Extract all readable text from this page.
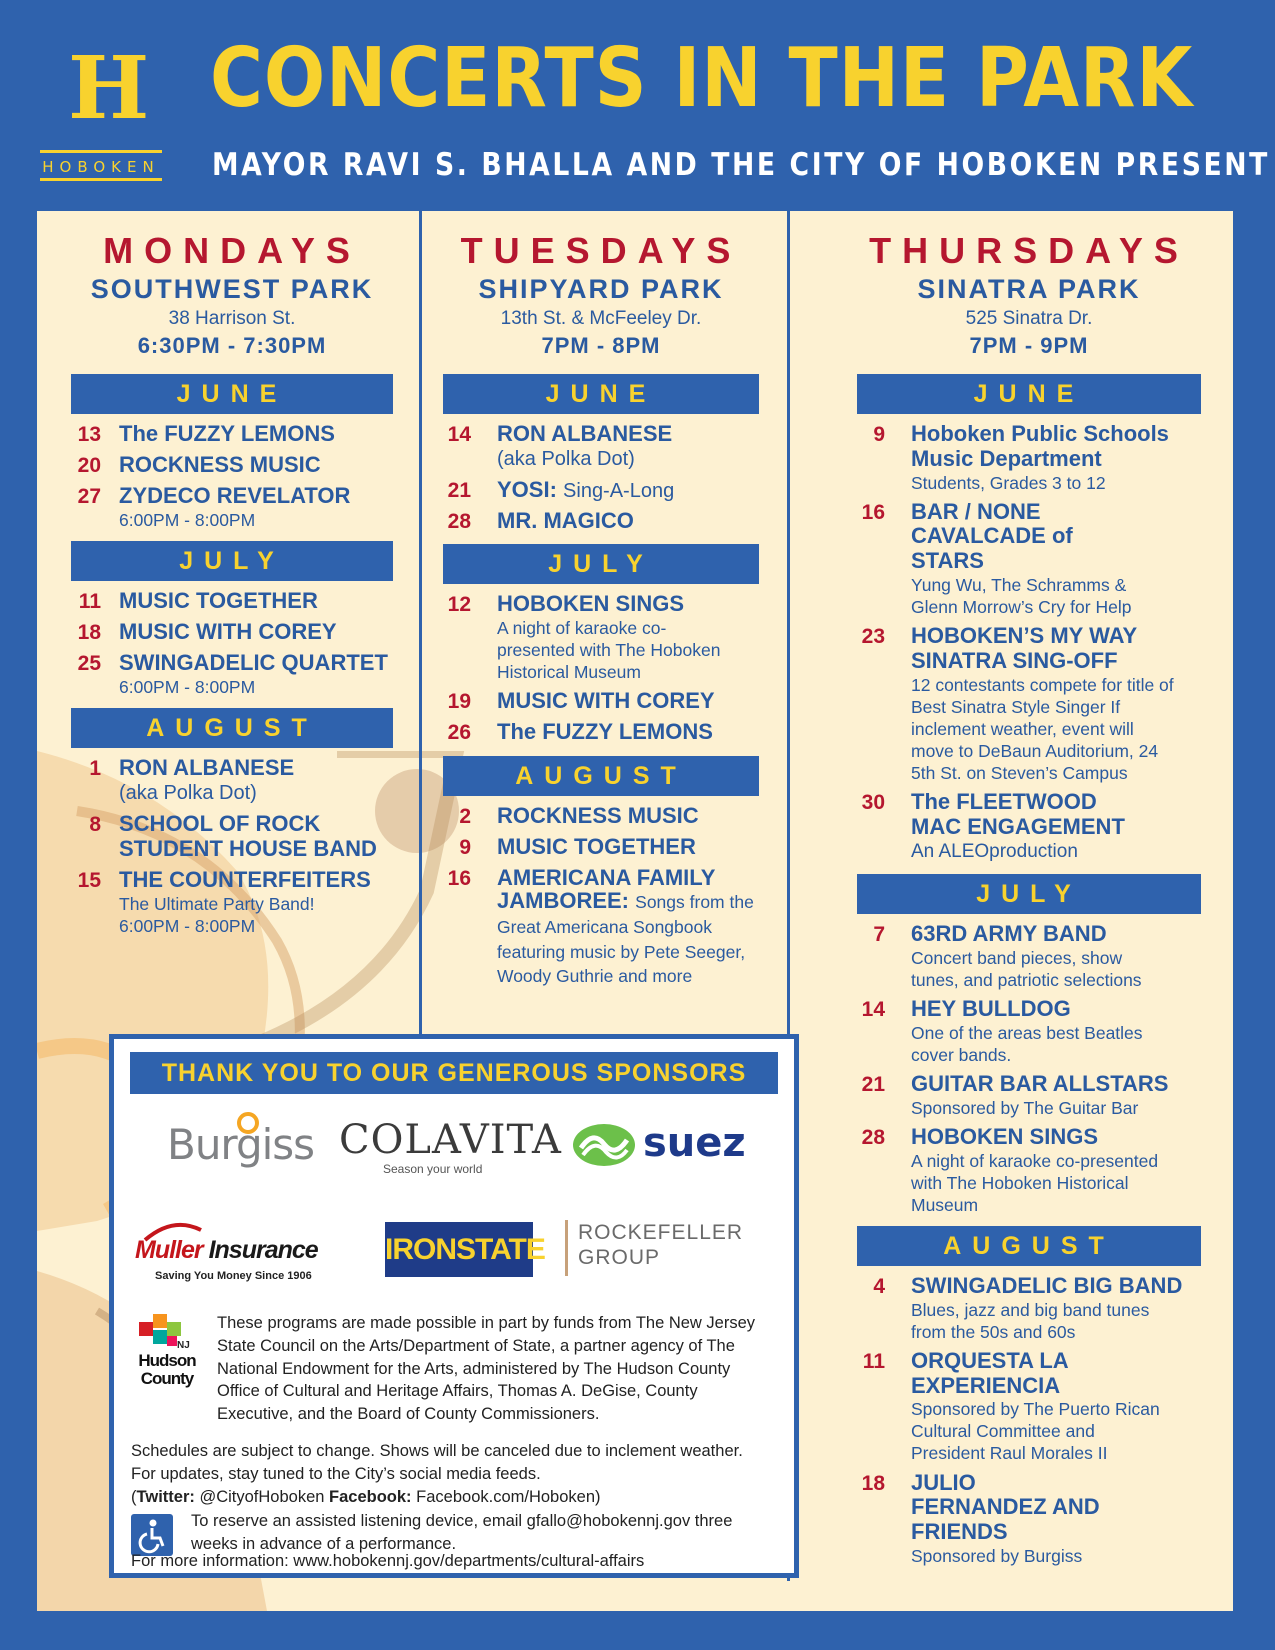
H
HOBOKEN
CONCERTS IN THE PARK
MAYOR RAVI S. BHALLA AND THE CITY OF HOBOKEN PRESENT
MONDAYS
SOUTHWEST PARK
38 Harrison St.
6:30PM - 7:30PM
JUNE
13 The FUZZY LEMONS
20 ROCKNESS MUSIC
27 ZYDECO REVELATOR
6:00PM - 8:00PM
JULY
11 MUSIC TOGETHER
18 MUSIC WITH COREY
25 SWINGADELIC QUARTET
6:00PM - 8:00PM
AUGUST
1 RON ALBANESE
(aka Polka Dot)
8 SCHOOL OF ROCK STUDENT HOUSE BAND
15 THE COUNTERFEITERS
The Ultimate Party Band! 6:00PM - 8:00PM
TUESDAYS
SHIPYARD PARK
13th St. & McFeeley Dr.
7PM - 8PM
JUNE
14 RON ALBANESE
(aka Polka Dot)
21 YOSI: Sing-A-Long
28 MR. MAGICO
JULY
12 HOBOKEN SINGS
A night of karaoke co-presented with The Hoboken Historical Museum
19 MUSIC WITH COREY
26 The FUZZY LEMONS
AUGUST
2 ROCKNESS MUSIC
9 MUSIC TOGETHER
16 AMERICANA FAMILY JAMBOREE: Songs from the Great Americana Songbook featuring music by Pete Seeger, Woody Guthrie and more
THURSDAYS
SINATRA PARK
525 Sinatra Dr.
7PM - 9PM
JUNE
9 Hoboken Public Schools Music Department
Students, Grades 3 to 12
16 BAR / NONE CAVALCADE of STARS
Yung Wu, The Schramms & Glenn Morrow’s Cry for Help
23 HOBOKEN’S MY WAY SINATRA SING-OFF
12 contestants compete for title of Best Sinatra Style Singer If inclement weather, event will move to DeBaun Auditorium, 24 5th St. on Steven’s Campus
30 The FLEETWOOD MAC ENGAGEMENT
An ALEOproduction
JULY
7 63RD ARMY BAND
Concert band pieces, show tunes, and patriotic selections
14 HEY BULLDOG
One of the areas best Beatles cover bands.
21 GUITAR BAR ALLSTARS
Sponsored by The Guitar Bar
28 HOBOKEN SINGS
A night of karaoke co-presented with The Hoboken Historical Museum
AUGUST
4 SWINGADELIC BIG BAND
Blues, jazz and big band tunes from the 50s and 60s
11 ORQUESTA LA EXPERIENCIA
Sponsored by The Puerto Rican Cultural Committee and President Raul Morales II
18 JULIO FERNANDEZ AND FRIENDS
Sponsored by Burgiss
THANK YOU TO OUR GENEROUS SPONSORS
Burgiss COLAVITA
Season your world
suez
Muller Insurance
Saving You Money Since 1906
IRONSTATE
ROCKEFELLER
GROUP
NJ
Hudson
County
These programs are made possible in part by funds from The New Jersey State Council on the Arts/Department of State, a partner agency of The National Endowment for the Arts, administered by The Hudson County Office of Cultural and Heritage Affairs, Thomas A. DeGise, County Executive, and the Board of County Commissioners.
Schedules are subject to change. Shows will be canceled due to inclement weather. For updates, stay tuned to the City’s social media feeds.
(Twitter: @CityofHoboken Facebook: Facebook.com/Hoboken)
To reserve an assisted listening device, email gfallo@hobokennj.gov three weeks in advance of a performance.
For more information: www.hobokennj.gov/departments/cultural-affairs
